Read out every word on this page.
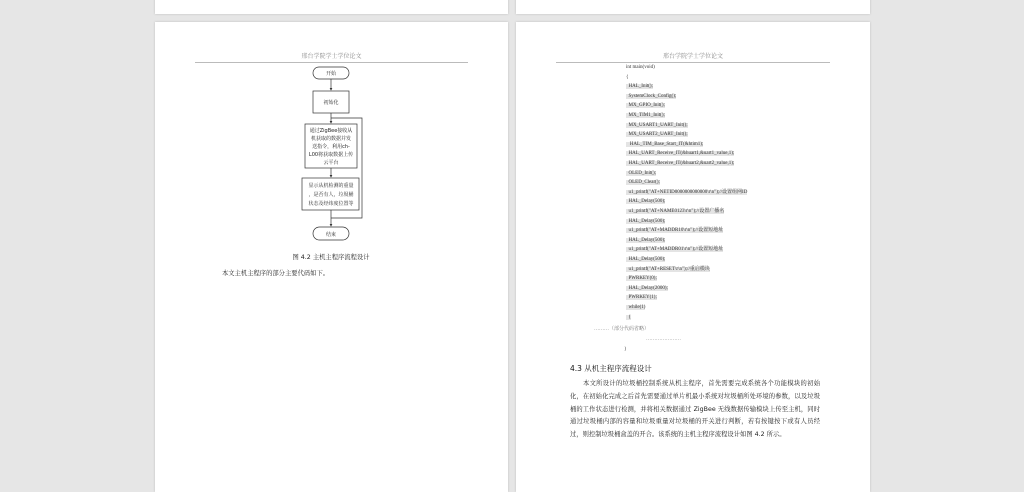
邢台学院学士学位论文	邢台学院学士学位论文
开始
初始化
通过ZigBee接收从
机获取的数据并发
送指令，利用ch-
L00将获取数据上传
云平台
显示从机检测的重量
，是否有人，垃圾桶
状态及经纬度位置等
结束
图 4.2 主机主程序流程设计
本文主机主程序的部分主要代码如下。
int main(void)
{
HAL_Init();
SystemClock_Config();
MX_GPIO_Init();
MX_TIM1_Init();
MX_USART1_UART_Init();
MX_USART2_UART_Init();
HAL_TIM_Base_Start_IT(&htim1);
HAL_UART_Receive_IT(&huart1,&uart1_value,1);
HAL_UART_Receive_IT(&huart2,&uart2_value,1);
OLED_Init();
OLED_Clear();
u1_printf("AT+NETID0000000000000\r\n");//设置组网ID
HAL_Delay(500);
u1_printf("AT+NAME0123\r\n");//设置广播名
HAL_Delay(500);
u1_printf("AT+MADDR10\r\n");//设置短地址
HAL_Delay(500);
u1_printf("AT+MADDR01\r\n");//设置短地址
HAL_Delay(500);
u1_printf("AT+RESET\r\n");//重启模块
PWRKEY(0);
HAL_Delay(2000);
PWRKEY(1);
while(1)
{
………（部分代码省略）
…………………
}
4.3 从机主程序流程设计
本文所设计的垃圾桶控制系统从机主程序，首先需要完成系统各个功能模块的初始化，在初始化完成之后首先需要通过单片机最小系统对垃圾桶所处环境的参数，以及垃圾桶的工作状态进行检测，并将相关数据通过 ZigBee 无线数据传输模块上传至主机，同时通过垃圾桶内部的容量和垃圾重量对垃圾桶的开关进行判断，若有按键按下或有人员经过，则控制垃圾桶盒盖的开合。该系统的主机主程序流程设计如图 4.2 所示。
